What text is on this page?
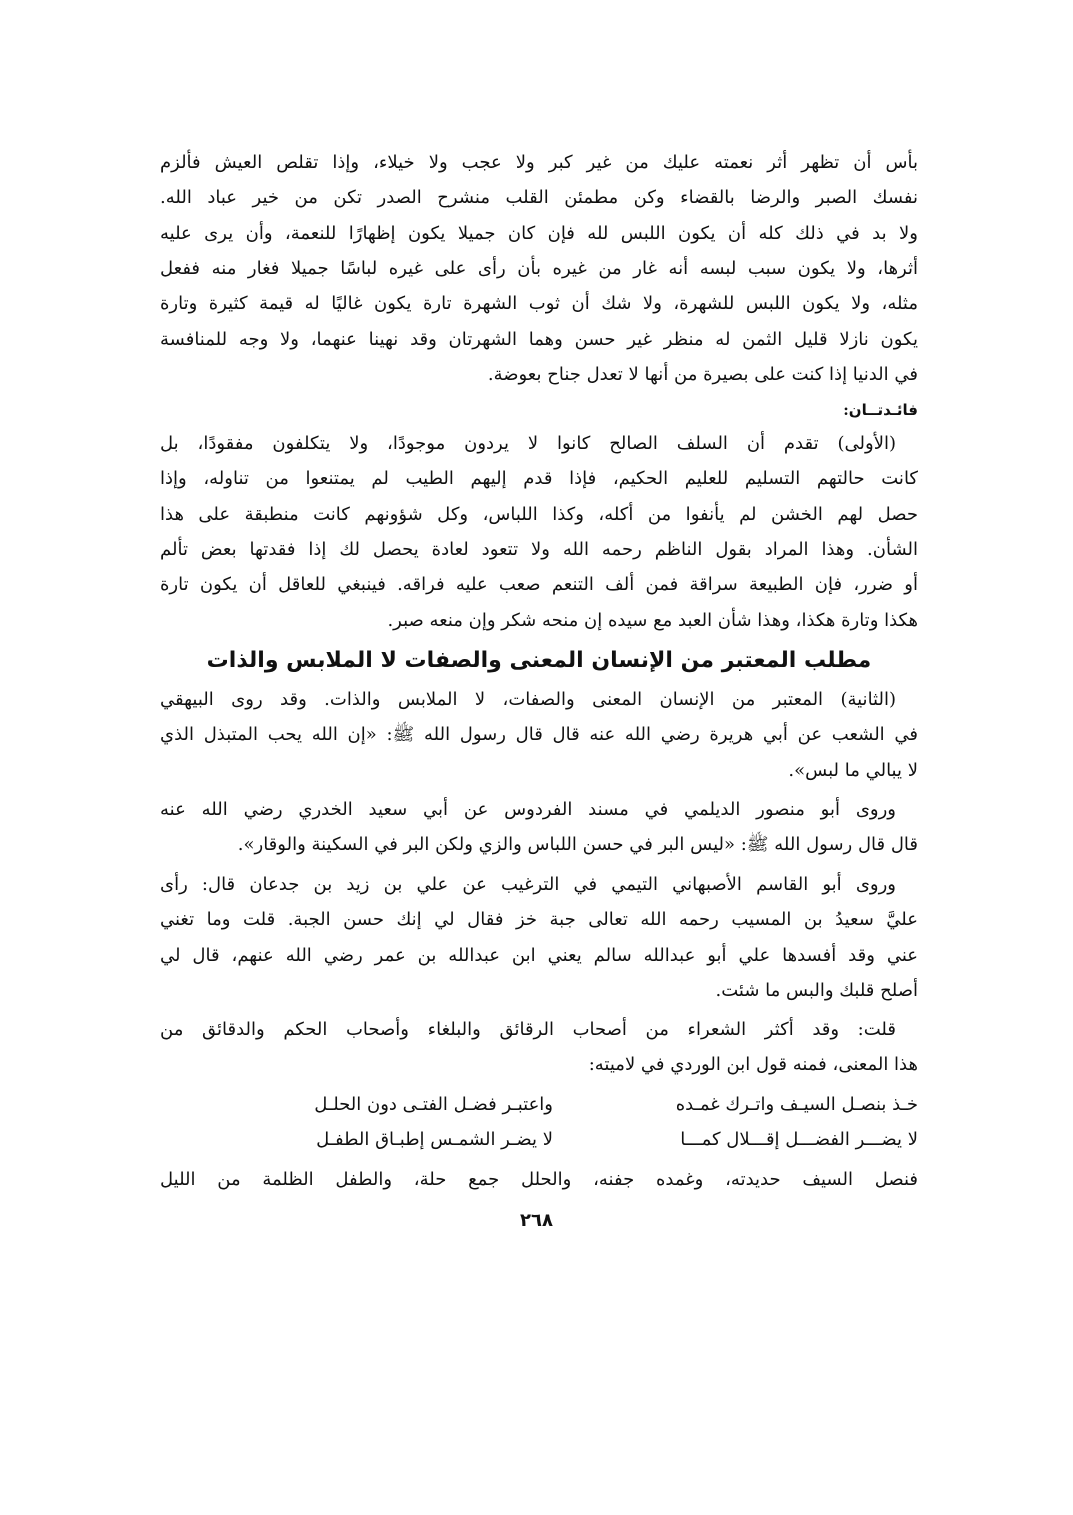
بأس أن تظهر أثر نعمته عليك من غير كبر ولا عجب ولا خيلاء، وإذا تقلص العيش فألزم
نفسك الصبر والرضا بالقضاء وكن مطمئن القلب منشرح الصدر تكن من خير عباد الله.
ولا بد في ذلك كله أن يكون اللبس لله فإن كان جميلا يكون إظهارًا للنعمة، وأن يرى عليه
أثرها، ولا يكون سبب لبسه أنه غار من غيره بأن رأى على غيره لباسًا جميلا فغار منه ففعل
مثله، ولا يكون اللبس للشهرة، ولا شك أن ثوب الشهرة تارة يكون غاليًا له قيمة كثيرة وتارة
يكون نازلا قليل الثمن له منظر غير حسن وهما الشهرتان وقد نهينا عنهما، ولا وجه للمنافسة
في الدنيا إذا كنت على بصيرة من أنها لا تعدل جناح بعوضة.
(الأولى) تقدم أن السلف الصالح كانوا لا يردون موجودًا، ولا يتكلفون مفقودًا، بل
كانت حالتهم التسليم للعليم الحكيم، فإذا قدم إليهم الطيب لم يمتنعوا من تناوله، وإذا
حصل لهم الخشن لم يأنفوا من أكله، وكذا اللباس، وكل شؤونهم كانت منطبقة على هذا
الشأن. وهذا المراد بقول الناظم رحمه الله ولا تتعود لعادة يحصل لك إذا فقدتها بعض تألم
أو ضرر، فإن الطبيعة سراقة فمن ألف التنعم صعب عليه فراقه. فينبغي للعاقل أن يكون تارة
هكذا وتارة هكذا، وهذا شأن العبد مع سيده إن منحه شكر وإن منعه صبر.
(الثانية) المعتبر من الإنسان المعنى والصفات، لا الملابس والذات. وقد روى البيهقي
في الشعب عن أبي هريرة رضي الله عنه قال قال رسول الله ﷺ: «إن الله يحب المتبذل الذي
لا يبالي ما لبس».
وروى أبو منصور الديلمي في مسند الفردوس عن أبي سعيد الخدري رضي الله عنه
قال قال رسول الله ﷺ: «ليس البر في حسن اللباس والزي ولكن البر في السكينة والوقار».
وروى أبو القاسم الأصبهاني التيمي في الترغيب عن علي بن زيد بن جدعان قال: رأى
عليَّ سعيدُ بن المسيب رحمه الله تعالى جبة خز فقال لي إنك حسن الجبة. قلت وما تغني
عني وقد أفسدها علي أبو عبدالله سالم يعني ابن عبدالله بن عمر رضي الله عنهم، قال لي
أصلح قلبك والبس ما شئت.
قلت: وقد أكثر الشعراء من أصحاب الرقائق والبلغاء وأصحاب الحكم والدقائق من
هذا المعنى، فمنه قول ابن الوردي في لاميته:
فنصل السيف حديدته، وغمده جفنه، والحلل جمع حلة، والطفل الظلمة من الليل
فائـدتــان:
مطلب المعتبر من الإنسان المعنى والصفات لا الملابس والذات
خـذ بنصـل السيـف واتـرك غمـده
واعتبـر فضـل الفتـى دون الحلـل
لا يضـــر الفضـــل إقـــلال كمـــا
لا يضـر الشمـس إطبـاق الطفـل
٢٦٨
